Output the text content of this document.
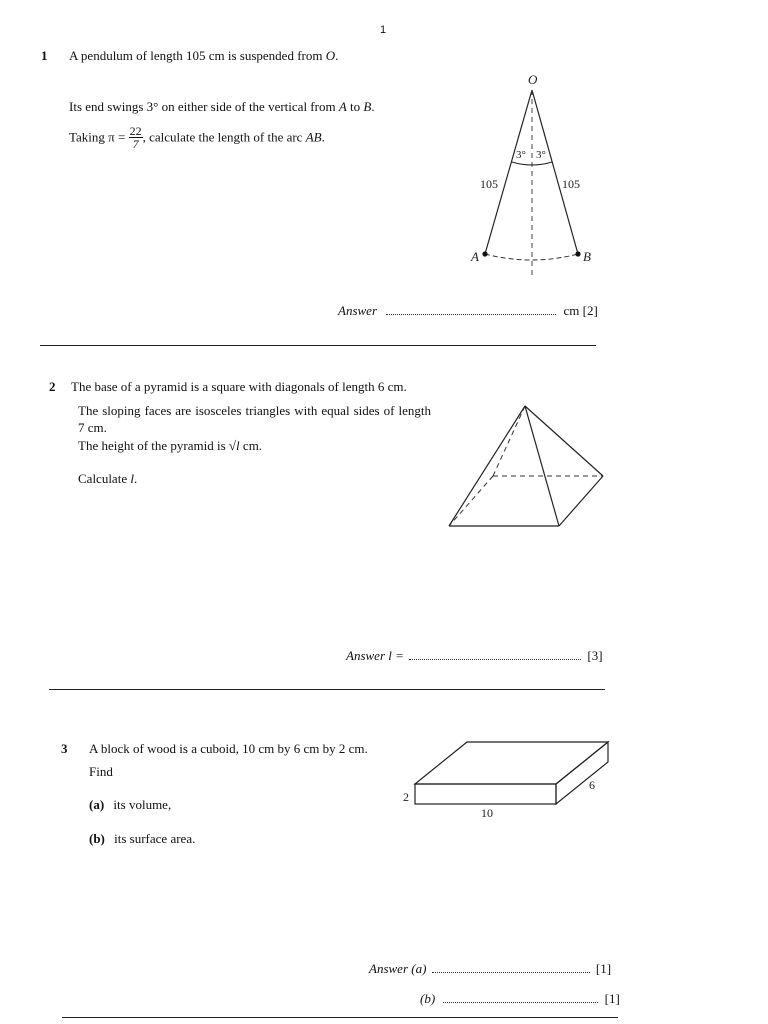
1
1 A pendulum of length 105 cm is suspended from O.
Its end swings 3° on either side of the vertical from A to B.
Taking $\pi = \frac{22}{7}$ , calculate the length of the arc AB.
O
3° 3°
105	105
A	B
Answer	cm [2]
2 The base of a pyramid is a square with diagonals of length 6 cm.
The sloping faces are isosceles triangles with equal sides of length 7 cm.
The height of the pyramid is √l cm.
Calculate l.
Answer l =	[3]
3 A block of wood is a cuboid, 10 cm by 6 cm by 2 cm.
Find
(a) its volume,
(b) its surface area.
2
6
10
Answer (a)	[1]
(b)	[1]
